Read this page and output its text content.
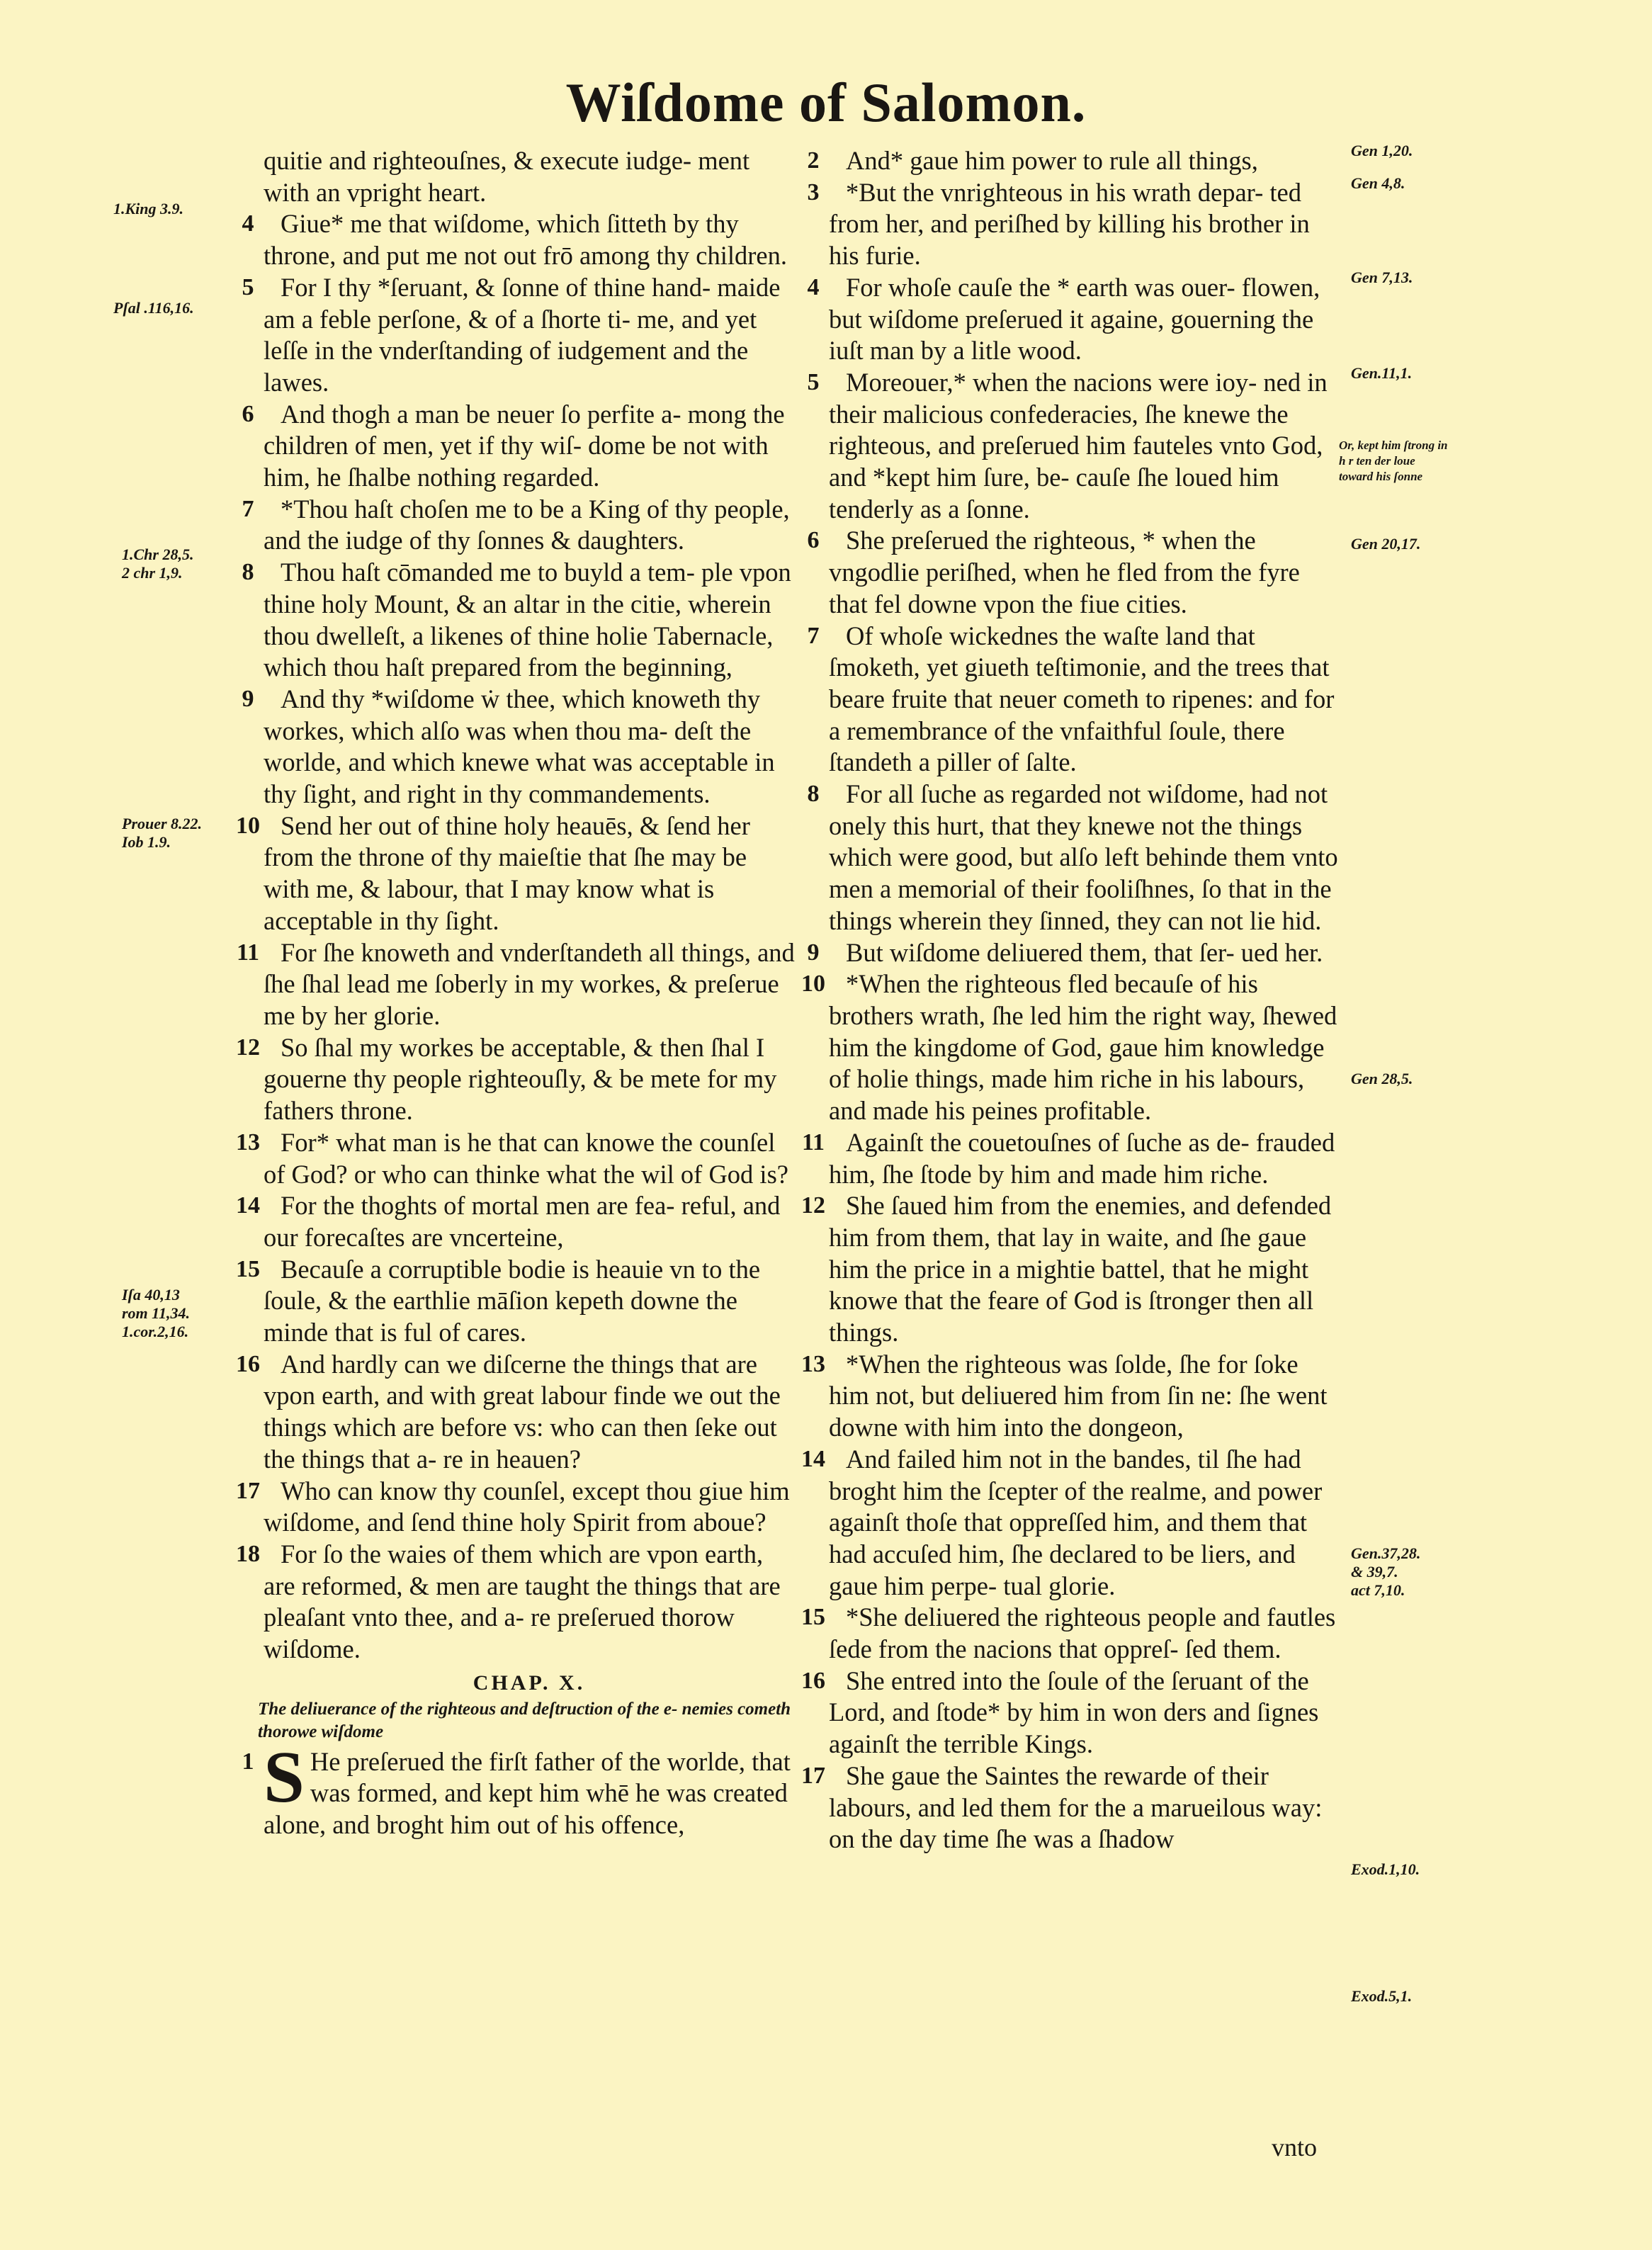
Wiſdome of Salomon.

quitie and righteouſnes, & execute iudge- ment with an vpright heart.

4 Giue* me that wiſdome, which ſitteth by thy throne, and put me not out frō among thy children.

5 For I thy *ſeruant, & ſonne of thine hand- maide am a feble perſone, & of a ſhorte ti- me, and yet leſſe in the vnderſtanding of iudgement and the lawes.

6 And thogh a man be neuer ſo perfite a- mong the children of men, yet if thy wiſ- dome be not with him, he ſhalbe nothing regarded.

7 *Thou haſt choſen me to be a King of thy people, and the iudge of thy ſonnes & daughters.

8 Thou haſt cōmanded me to buyld a tem- ple vpon thine holy Mount, & an altar in the citie, wherein thou dwelleſt, a likenes of thine holie Tabernacle, which thou haſt prepared from the beginning,

9 And thy *wiſdome ẇ thee, which knoweth thy workes, which alſo was when thou ma- deſt the worlde, and which knewe what was acceptable in thy ſight, and right in thy commandements.

10 Send her out of thine holy heauēs, & ſend her from the throne of thy maieſtie that ſhe may be with me, & labour, that I may know what is acceptable in thy ſight.

11 For ſhe knoweth and vnderſtandeth all things, and ſhe ſhal lead me ſoberly in my workes, & preſerue me by her glorie.

12 So ſhal my workes be acceptable, & then ſhal I gouerne thy people righteouſly, & be mete for my fathers throne.

13 For* what man is he that can knowe the counſel of God? or who can thinke what the wil of God is?

14 For the thoghts of mortal men are fea- reful, and our forecaſtes are vncerteine,

15 Becauſe a corruptible bodie is heauie vn to the ſoule, & the earthlie māſion kepeth downe the minde that is ful of cares.

16 And hardly can we diſcerne the things that are vpon earth, and with great labour finde we out the things which are before vs: who can then ſeke out the things that a- re in heauen?

17 Who can know thy counſel, except thou giue him wiſdome, and ſend thine holy Spirit from aboue?

18 For ſo the waies of them which are vpon earth, are reformed, & men are taught the things that are pleaſant vnto thee, and a- re preſerued thorow wiſdome.

CHAP. X.

The deliuerance of the righteous and deſtruction of the e- nemies cometh thorowe wiſdome

1 S He preſerued the firſt father of the worlde, that was formed, and kept him whē he was created alone, and broght him out of his offence,

2 And* gaue him power to rule all things,

3 *But the vnrighteous in his wrath depar- ted from her, and periſhed by killing his brother in his furie.

4 For whoſe cauſe the * earth was ouer- flowen, but wiſdome preſerued it againe, gouerning the iuſt man by a litle wood.

5 Moreouer,* when the nacions were ioy- ned in their malicious confederacies, ſhe knewe the righteous, and preſerued him fauteles vnto God, and *kept him ſure, be- cauſe ſhe loued him tenderly as a ſonne.

6 She preſerued the righteous, * when the vngodlie periſhed, when he fled from the fyre that fel downe vpon the fiue cities.

7 Of whoſe wickednes the waſte land that ſmoketh, yet giueth teſtimonie, and the trees that beare fruite that neuer cometh to ripenes: and for a remembrance of the vnfaithful ſoule, there ſtandeth a piller of ſalte.

8 For all ſuche as regarded not wiſdome, had not onely this hurt, that they knewe not the things which were good, but alſo left behinde them vnto men a memorial of their fooliſhnes, ſo that in the things wherein they ſinned, they can not lie hid.

9 But wiſdome deliuered them, that ſer- ued her.

10 *When the righteous fled becauſe of his brothers wrath, ſhe led him the right way, ſhewed him the kingdome of God, gaue him knowledge of holie things, made him riche in his labours, and made his peines profitable.

11 Againſt the couetouſnes of ſuche as de- frauded him, ſhe ſtode by him and made him riche.

12 She ſaued him from the enemies, and defended him from them, that lay in waite, and ſhe gaue him the price in a mightie battel, that he might knowe that the feare of God is ſtronger then all things.

13 *When the righteous was ſolde, ſhe for ſoke him not, but deliuered him from ſin ne: ſhe went downe with him into the dongeon,

14 And failed him not in the bandes, til ſhe had broght him the ſcepter of the realme, and power againſt thoſe that oppreſſed him, and them that had accuſed him, ſhe declared to be liers, and gaue him perpe- tual glorie.

15 *She deliuered the righteous people and fautles ſede from the nacions that oppreſ- ſed them.

16 She entred into the ſoule of the ſeruant of the Lord, and ſtode* by him in won ders and ſignes againſt the terrible Kings.

17 She gaue the Saintes the rewarde of their labours, and led them for the a marueilous way: on the day time ſhe was a ſhadow

vnto
1.King 3.9.
Pſal .116,16.
1.Chr 28,5.
2 chr 1,9.
Prouer 8.22.
Iob 1.9.
Iſa 40,13
rom 11,34.
1.cor.2,16.
Gen 1,20.
Gen 4,8.
Gen 7,13.
Gen.11,1.
Or, kept him ſtrong in h r ten der loue toward his ſonne
Gen 20,17.
Gen 28,5.
Gen.37,28.
& 39,7.
act 7,10.
Exod.1,10.
Exod.5,1.
